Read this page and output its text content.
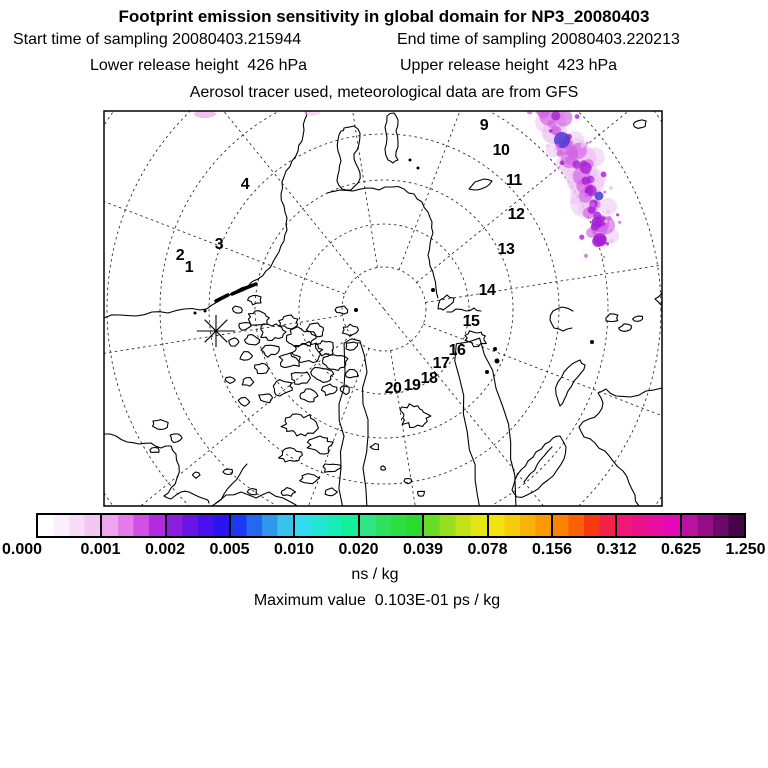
Footprint emission sensitivity in global domain for NP3_20080403
Start time of sampling 20080403.215944	End time of sampling 20080403.220213
Lower release height  426 hPa	Upper release height  423 hPa
Aerosol tracer used, meteorological data are from GFS
1
2
3
4
9
10
11
12
13
14
15
16
17
18
19
20
0.000 0.001 0.002 0.005 0.010 0.020 0.039 0.078 0.156 0.312 0.625 1.250
ns / kg
Maximum value  0.103E-01 ps / kg
